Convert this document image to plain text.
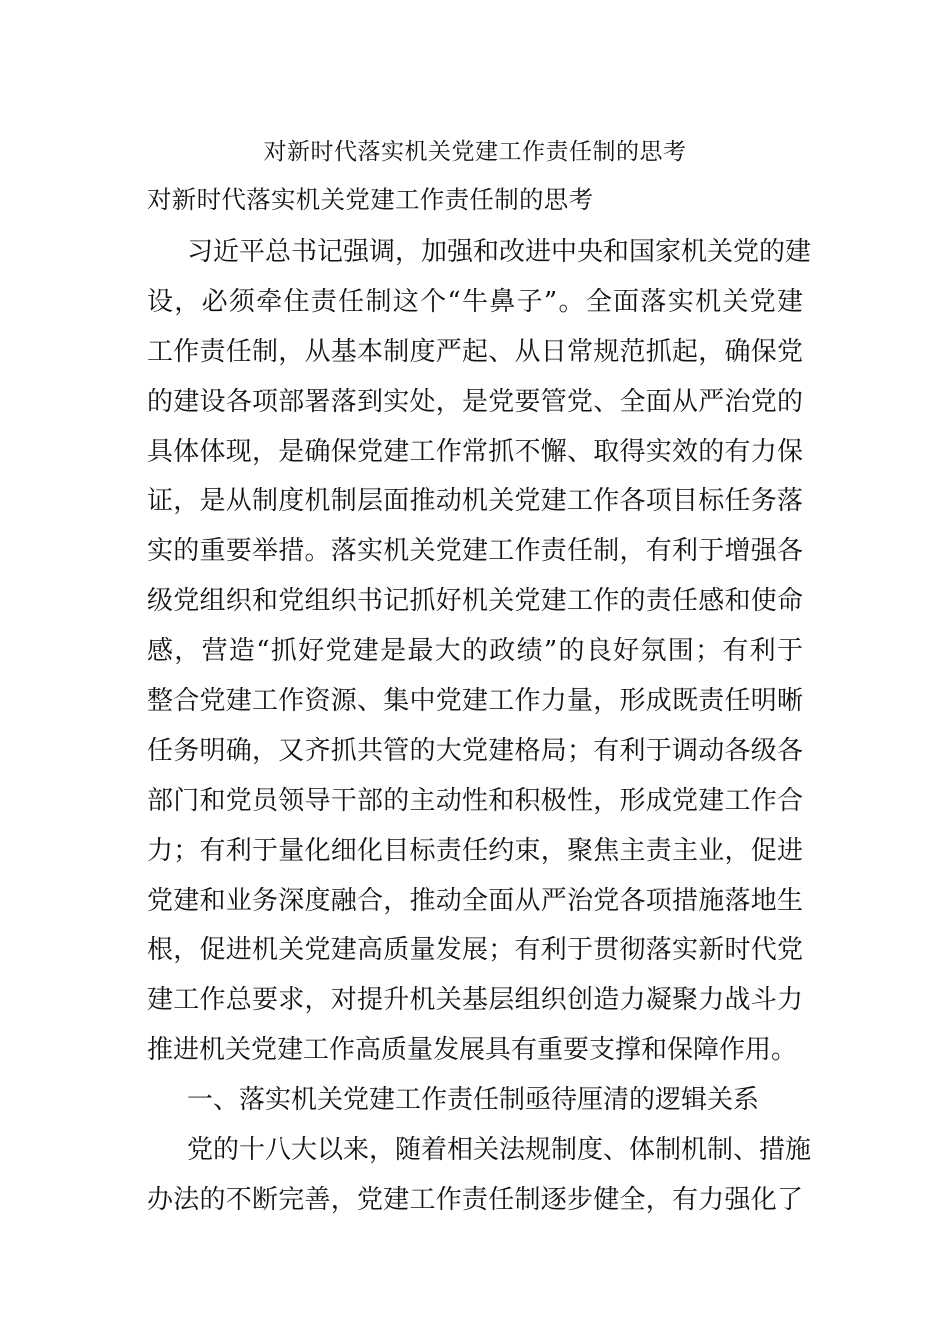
对新时代落实机关党建工作责任制的思考
对新时代落实机关党建工作责任制的思考
习近平总书记强调，加强和改进中央和国家机关党的建
设，必须牵住责任制这个“牛鼻子”。全面落实机关党建
工作责任制，从基本制度严起、从日常规范抓起，确保党
的建设各项部署落到实处，是党要管党、全面从严治党的
具体体现，是确保党建工作常抓不懈、取得实效的有力保
证，是从制度机制层面推动机关党建工作各项目标任务落
实的重要举措。落实机关党建工作责任制，有利于增强各
级党组织和党组织书记抓好机关党建工作的责任感和使命
感，营造“抓好党建是最大的政绩”的良好氛围；有利于
整合党建工作资源、集中党建工作力量，形成既责任明晰
任务明确，又齐抓共管的大党建格局；有利于调动各级各
部门和党员领导干部的主动性和积极性，形成党建工作合
力；有利于量化细化目标责任约束，聚焦主责主业，促进
党建和业务深度融合，推动全面从严治党各项措施落地生
根，促进机关党建高质量发展；有利于贯彻落实新时代党
建工作总要求，对提升机关基层组织创造力凝聚力战斗力
推进机关党建工作高质量发展具有重要支撑和保障作用。
一、落实机关党建工作责任制亟待厘清的逻辑关系
党的十八大以来，随着相关法规制度、体制机制、措施
办法的不断完善，党建工作责任制逐步健全，有力强化了
